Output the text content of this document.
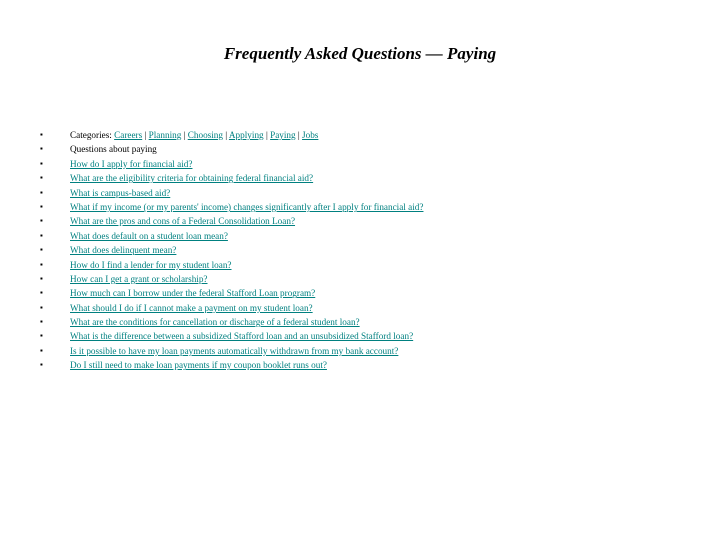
Frequently Asked Questions — Paying
▪	Categories: Careers | Planning | Choosing | Applying | Paying | Jobs
▪	Questions about paying
▪	How do I apply for financial aid?
▪	What are the eligibility criteria for obtaining federal financial aid?
▪	What is campus-based aid?
▪	What if my income (or my parents' income) changes significantly after I apply for financial aid?
▪	What are the pros and cons of a Federal Consolidation Loan?
▪	What does default on a student loan mean?
▪	What does delinquent mean?
▪	How do I find a lender for my student loan?
▪	How can I get a grant or scholarship?
▪	How much can I borrow under the federal Stafford Loan program?
▪	What should I do if I cannot make a payment on my student loan?
▪	What are the conditions for cancellation or discharge of a federal student loan?
▪	What is the difference between a subsidized Stafford loan and an unsubsidized Stafford loan?
▪	Is it possible to have my loan payments automatically withdrawn from my bank account?
▪	Do I still need to make loan payments if my coupon booklet runs out?
